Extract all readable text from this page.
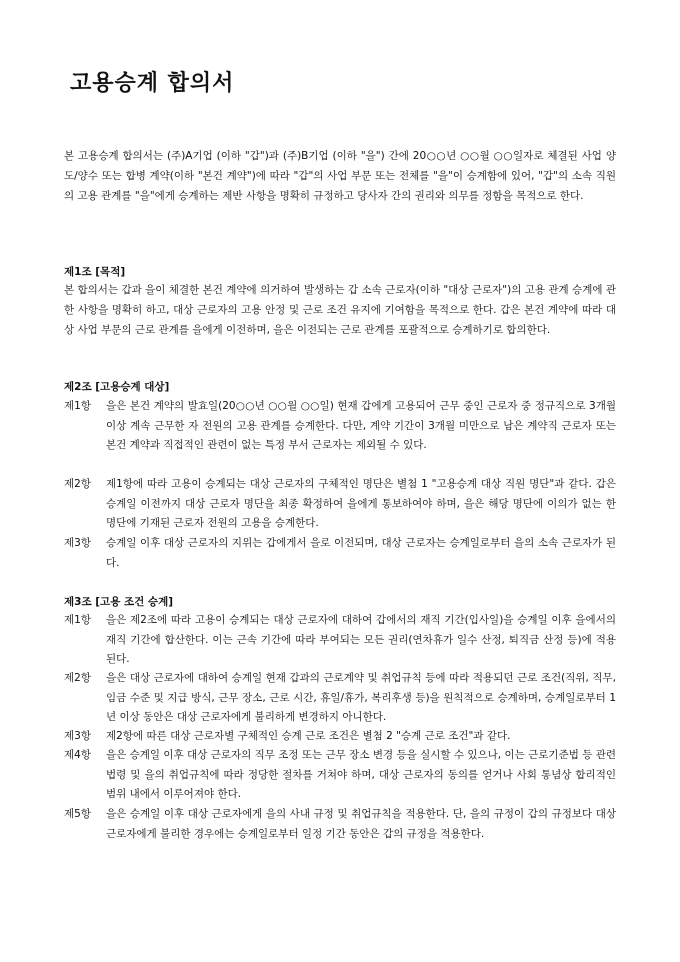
고용승계 합의서
본 고용승계 합의서는 (주)A기업 (이하 "갑")과 (주)B기업 (이하 "을") 간에 20○○년 ○○월 ○○일자로 체결된 사업 양도/양수 또는 합병 계약(이하 "본건 계약")에 따라 "갑"의 사업 부문 또는 전체를 "을"이 승계함에 있어, "갑"의 소속 직원의 고용 관계를 "을"에게 승계하는 제반 사항을 명확히 규정하고 당사자 간의 권리와 의무를 정함을 목적으로 한다.
제1조 [목적]
본 합의서는 갑과 을이 체결한 본건 계약에 의거하여 발생하는 갑 소속 근로자(이하 "대상 근로자")의 고용 관계 승계에 관한 사항을 명확히 하고, 대상 근로자의 고용 안정 및 근로 조건 유지에 기여함을 목적으로 한다. 갑은 본건 계약에 따라 대상 사업 부문의 근로 관계를 을에게 이전하며, 을은 이전되는 근로 관계를 포괄적으로 승계하기로 합의한다.
제2조 [고용승계 대상]
제1항 을은 본건 계약의 발효일(20○○년 ○○월 ○○일) 현재 갑에게 고용되어 근무 중인 근로자 중 정규직으로 3개월 이상 계속 근무한 자 전원의 고용 관계를 승계한다. 다만, 계약 기간이 3개월 미만으로 남은 계약직 근로자 또는 본건 계약과 직접적인 관련이 없는 특정 부서 근로자는 제외될 수 있다.
제2항 제1항에 따라 고용이 승계되는 대상 근로자의 구체적인 명단은 별첨 1 "고용승계 대상 직원 명단"과 같다. 갑은 승계일 이전까지 대상 근로자 명단을 최종 확정하여 을에게 통보하여야 하며, 을은 해당 명단에 이의가 없는 한 명단에 기재된 근로자 전원의 고용을 승계한다.
제3항 승계일 이후 대상 근로자의 지위는 갑에게서 을로 이전되며, 대상 근로자는 승계일로부터 을의 소속 근로자가 된다.
제3조 [고용 조건 승계]
제1항 을은 제2조에 따라 고용이 승계되는 대상 근로자에 대하여 갑에서의 재직 기간(입사일)을 승계일 이후 을에서의 재직 기간에 합산한다. 이는 근속 기간에 따라 부여되는 모든 권리(연차휴가 일수 산정, 퇴직금 산정 등)에 적용된다.
제2항 을은 대상 근로자에 대하여 승계일 현재 갑과의 근로계약 및 취업규칙 등에 따라 적용되던 근로 조건(직위, 직무, 임금 수준 및 지급 방식, 근무 장소, 근로 시간, 휴일/휴가, 복리후생 등)을 원칙적으로 승계하며, 승계일로부터 1년 이상 동안은 대상 근로자에게 불리하게 변경하지 아니한다.
제3항 제2항에 따른 대상 근로자별 구체적인 승계 근로 조건은 별첨 2 "승계 근로 조건"과 같다.
제4항 을은 승계일 이후 대상 근로자의 직무 조정 또는 근무 장소 변경 등을 실시할 수 있으나, 이는 근로기준법 등 관련 법령 및 을의 취업규칙에 따라 정당한 절차를 거쳐야 하며, 대상 근로자의 동의를 얻거나 사회 통념상 합리적인 범위 내에서 이루어져야 한다.
제5항 을은 승계일 이후 대상 근로자에게 을의 사내 규정 및 취업규칙을 적용한다. 단, 을의 규정이 갑의 규정보다 대상 근로자에게 불리한 경우에는 승계일로부터 일정 기간 동안은 갑의 규정을 적용한다.
